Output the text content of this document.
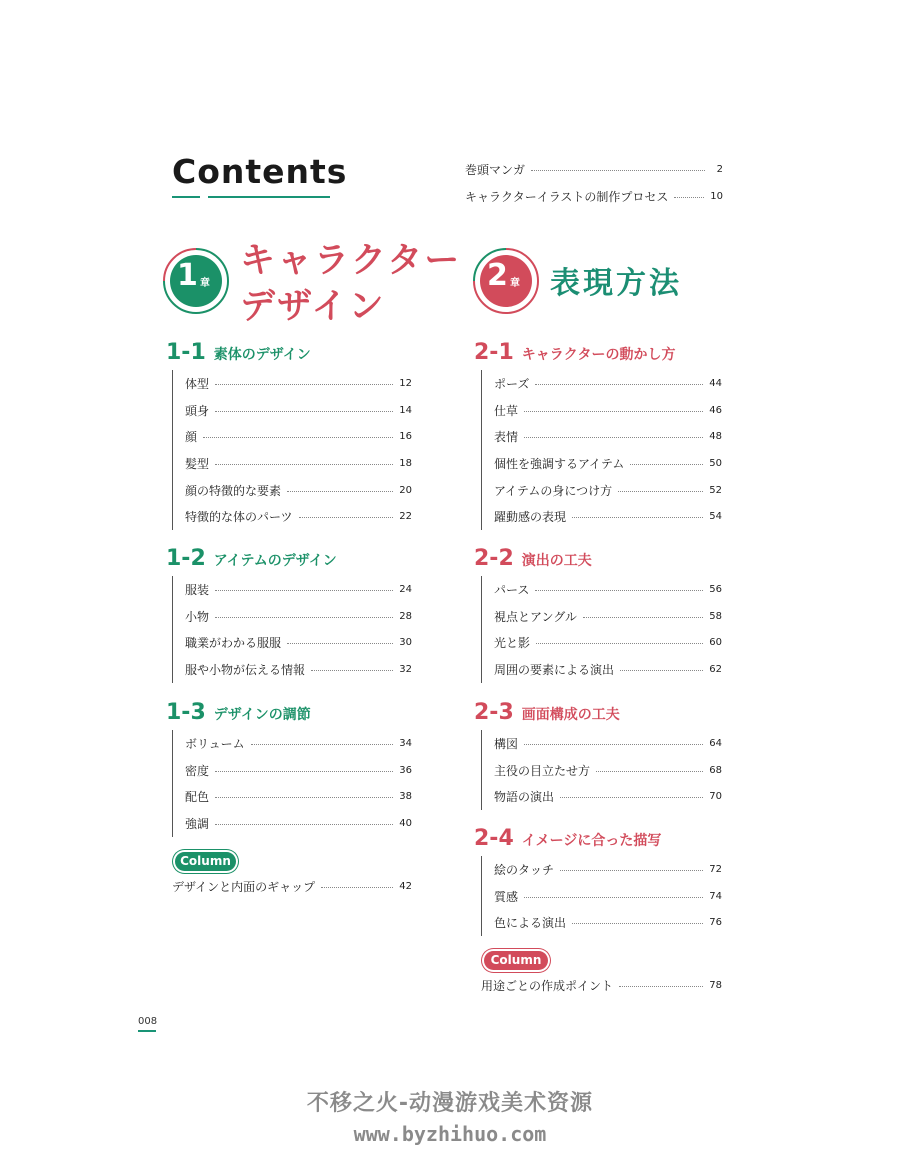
Contents	巻頭マンガ	2
キャラクターイラストの制作プロセス	10
1 章
キャラクター
デザイン
2 章 表現方法
1-1 素体のデザイン
体型	12
頭身	14
顔	16
髪型	18
顔の特徴的な要素	20
特徴的な体のパーツ	22
1-2 アイテムのデザイン
服装	24
小物	28
職業がわかる服服	30
服や小物が伝える情報	32
1-3 デザインの調節
ボリューム	34
密度	36
配色	38
強調	40
Column
デザインと内面のギャップ	42
2-1 キャラクターの動かし方
ポーズ	44
仕草	46
表情	48
個性を強調するアイテム	50
アイテムの身につけ方	52
躍動感の表現	54
2-2 演出の工夫
パース	56
視点とアングル	58
光と影	60
周囲の要素による演出	62
2-3 画面構成の工夫
構図	64
主役の目立たせ方	68
物語の演出	70
2-4 イメージに合った描写
絵のタッチ	72
質感	74
色による演出	76
Column
用途ごとの作成ポイント	78
008
不移之火-动漫游戏美术资源
www.byzhihuo.com
